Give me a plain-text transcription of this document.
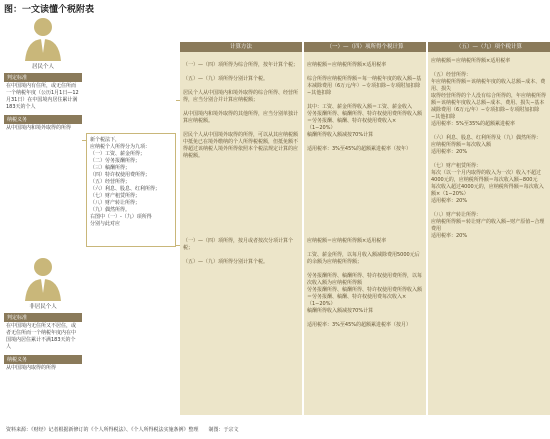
图：一文读懂个税附表
居民个人
判定标准
在中国境内有住所，或无住所而一个纳税年度（公历1月1日—12月31日）在中国境内居住累计满183天的个人
纳税义务
从中国境内和境外取得的所得
非居民个人
判定标准
在中国境内无住所又不居住，或者无住所而一个纳税年度内在中国境内居住累计不满183天的个人
纳税义务
从中国境内取得的所得
新个税法下，
应纳税个人所得分为九项：
（一）工资、薪金所得；
（二）劳务报酬所得；
（三）稿酬所得；
（四）特许权使用费所得；
（五）经营所得；
（六）利息、股息、红利所得；
（七）财产租赁所得；
（八）财产转让所得；
（九）偶然所得。
右图中（一）-（九）项所得
分别与此对应
计算方法
（一）—（四）项所得为综合所得，按年计算个税；

（五）—（九）项所得分别计算个税。

居民个人从中国境内和境外取得的综合所得、经营所得，应当分别合并计算应纳税额；

从中国境内和境外取得的其他所得，应当分别单独计算应纳税额。

居民个人从中国境外取得的所得，可以从其应纳税额中抵免已在境外缴纳的个人所得税税额，但抵免额不得超过该纳税人境外所得依照本个税法规定计算的应纳税额。
（一）—（四）项所得，按月或者按次分项计算个税；

（五）—（九）项所得分别计算个税。
（一）—（四）项所得个税计算
应纳税额＝应纳税所得额×适用税率

综合所得应纳税所得额＝每一纳税年度的收入额−基本减除费用（6万元/年）−专项扣除−专项附加扣除−其他扣除

其中：工资、薪金所得收入额＝工资、薪金收入
劳务报酬所得、稿酬所得、特许权使用费所得收入额＝劳务报酬、稿酬、特许权使用费收入×（1−20%）
稿酬所得收入额减按70%计算

适用税率：3%至45%的超额累进税率（按年）
应纳税额＝应纳税所得额×适用税率

工资、薪金所得，以每月收入额减除费用5000元后的余额为应纳税所得额；

劳务报酬所得、稿酬所得、特许权使用费所得，以每次收入额为应纳税所得额
劳务报酬所得、稿酬所得、特许权使用费所得收入额＝劳务报酬、稿酬、特许权使用费每次收入×（1−20%）
稿酬所得收入额减按70%计算

适用税率：3%至45%的超额累进税率（按月）
（五）—（九）项个税计算
应纳税额＝应纳税所得额×适用税率

（五）经营所得：
年应纳税所得额＝该纳税年度的收入总额−成本、费用、损失
取得经营所得的个人没有综合所得的，年应纳税所得额＝该纳税年度收入总额−成本、费用、损失−基本减除费用（6万元/年）−专项扣除−专项附加扣除−其他扣除
适用税率：5%至35%的超额累进税率

（六）利息、股息、红利所得及（九）偶然所得：
应纳税所得额＝每次收入额
适用税率：20%

（七）财产租赁所得：
每次（以一个月内取得的收入为一次）收入不超过4000元的，应纳税所得额＝每次收入额−800元
每次收入超过4000元的，应纳税所得额＝每次收入额×（1−20%）
适用税率：20%

（八）财产转让所得：
应纳税所得额＝转让财产的收入额−财产原值−合理费用
适用税率：20%
资料来源：《财经》记者根据新修订的《个人所得税法》、《个人所得税法实施条例》整理　　制图：于宗文
